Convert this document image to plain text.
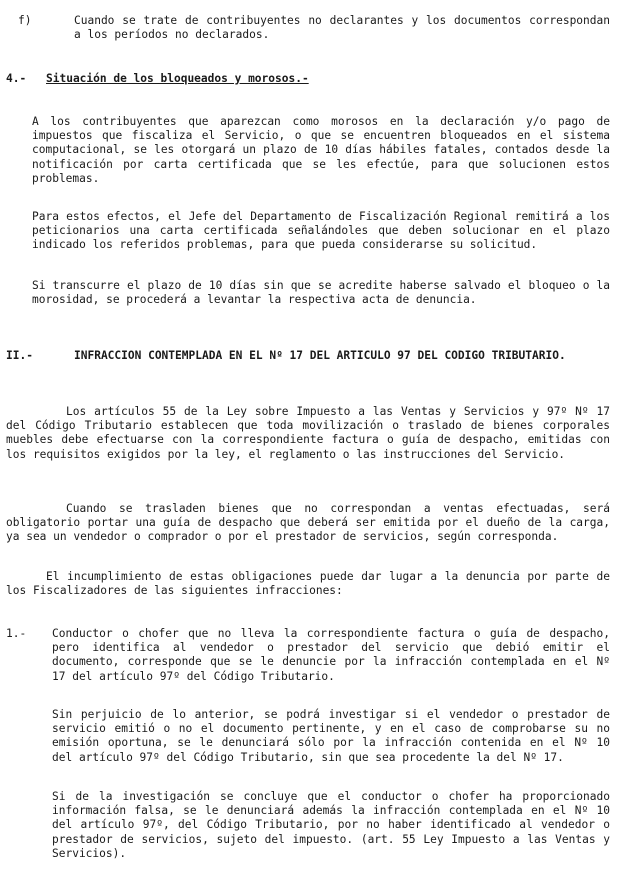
f)	Cuando se trate de contribuyentes no declarantes y los documentos correspondan a los períodos no declarados.

4.- Situación de los bloqueados y morosos.-

A los contribuyentes que aparezcan como morosos en la declaración y/o pago de impuestos que fiscaliza el Servicio, o que se encuentren bloqueados en el sistema computacional, se les otorgará un plazo de 10 días hábiles fatales, contados desde la notificación por carta certificada que se les efectúe, para que solucionen estos problemas.

Para estos efectos, el Jefe del Departamento de Fiscalización Regional remitirá a los peticionarios una carta certificada señalándoles que deben solucionar en el plazo indicado los referidos problemas, para que pueda considerarse su solicitud.

Si transcurre el plazo de 10 días sin que se acredite haberse salvado el bloqueo o la morosidad, se procederá a levantar la respectiva acta de denuncia.

II.-	INFRACCION CONTEMPLADA EN EL Nº 17 DEL ARTICULO 97 DEL CODIGO TRIBUTARIO.

Los artículos 55 de la Ley sobre Impuesto a las Ventas y Servicios y 97º Nº 17 del Código Tributario establecen que toda movilización o traslado de bienes corporales muebles debe efectuarse con la correspondiente factura o guía de despacho, emitidas con los requisitos exigidos por la ley, el reglamento o las instrucciones del Servicio.

Cuando se trasladen bienes que no correspondan a ventas efectuadas, será obligatorio portar una guía de despacho que deberá ser emitida por el dueño de la carga, ya sea un vendedor o comprador o por el prestador de servicios, según corresponda.

El incumplimiento de estas obligaciones puede dar lugar a la denuncia por parte de los Fiscalizadores de las siguientes infracciones:

1.- Conductor o chofer que no lleva la correspondiente factura o guía de despacho, pero identifica al vendedor o prestador del servicio que debió emitir el documento, corresponde que se le denuncie por la infracción contemplada en el Nº 17 del artículo 97º del Código Tributario.

Sin perjuicio de lo anterior, se podrá investigar si el vendedor o prestador de servicio emitió o no el documento pertinente, y en el caso de comprobarse su no emisión oportuna, se le denunciará sólo por la infracción contenida en el Nº 10 del artículo 97º del Código Tributario, sin que sea procedente la del Nº 17.

Si de la investigación se concluye que el conductor o chofer ha proporcionado información falsa, se le denunciará además la infracción contemplada en el Nº 10 del artículo 97º, del Código Tributario, por no haber identificado al vendedor o prestador de servicios, sujeto del impuesto. (art. 55 Ley Impuesto a las Ventas y Servicios).
